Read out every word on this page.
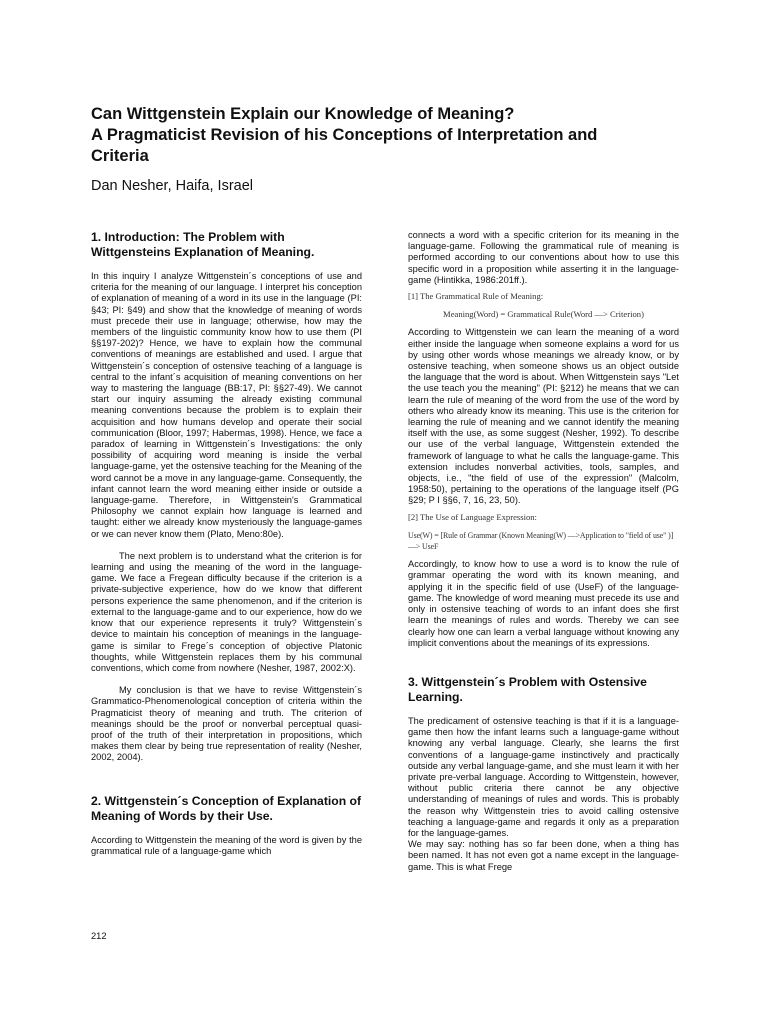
Can Wittgenstein Explain our Knowledge of Meaning?
A Pragmaticist Revision of his Conceptions of Interpretation and
Criteria

Dan Nesher, Haifa, Israel

1. Introduction: The Problem with Wittgensteins Explanation of Meaning.

In this inquiry I analyze Wittgenstein´s conceptions of use and criteria for the meaning of our language. I interpret his conception of explanation of meaning of a word in its use in the language (PI: §43; PI: §49) and show that the knowledge of meaning of words must precede their use in language; otherwise, how may the members of the linguistic community know how to use them (PI §§197-202)? Hence, we have to explain how the communal conventions of meanings are established and used. I argue that Wittgenstein´s conception of ostensive teaching of a language is central to the infant´s acquisition of meaning conventions on her way to mastering the language (BB:17, PI: §§27-49). We cannot start our inquiry assuming the already existing communal meaning conventions because the problem is to explain their acquisition and how humans develop and operate their social communication (Bloor, 1997; Habermas, 1998). Hence, we face a paradox of learning in Wittgenstein´s Investigations: the only possibility of acquiring word meaning is inside the verbal language-game, yet the ostensive teaching for the Meaning of the word cannot be a move in any language-game. Consequently, the infant cannot learn the word meaning either inside or outside a language-game. Therefore, in Wittgenstein's Grammatical Philosophy we cannot explain how language is learned and taught: either we already know mysteriously the language-games or we can never know them (Plato, Meno:80e).

The next problem is to understand what the criterion is for learning and using the meaning of the word in the language-game. We face a Fregean difficulty because if the criterion is a private-subjective experience, how do we know that different persons experience the same phenomenon, and if the criterion is external to the language-game and to our experience, how do we know that our experience represents it truly? Wittgenstein´s device to maintain his conception of meanings in the language-game is similar to Frege´s conception of objective Platonic thoughts, while Wittgenstein replaces them by his communal conventions, which come from nowhere (Nesher, 1987, 2002:X).

My conclusion is that we have to revise Wittgenstein´s Grammatico-Phenomenological conception of criteria within the Pragmaticist theory of meaning and truth. The criterion of meanings should be the proof or nonverbal perceptual quasi-proof of the truth of their interpretation in propositions, which makes them clear by being true representation of reality (Nesher, 2002, 2004).

2. Wittgenstein´s Conception of Explanation of Meaning of Words by their Use.

According to Wittgenstein the meaning of the word is given by the grammatical rule of a language-game which

connects a word with a specific criterion for its meaning in the language-game. Following the grammatical rule of meaning is performed according to our conventions about how to use this specific word in a proposition while asserting it in the language-game (Hintikka, 1986:201ff.).

[1] The Grammatical Rule of Meaning:
Meaning(Word) = Grammatical Rule(Word —> Criterion)

According to Wittgenstein we can learn the meaning of a word either inside the language when someone explains a word for us by using other words whose meanings we already know, or by ostensive teaching, when someone shows us an object outside the language that the word is about. When Wittgenstein says "Let the use teach you the meaning" (PI: §212) he means that we can learn the rule of meaning of the word from the use of the word by others who already know its meaning. This use is the criterion for learning the rule of meaning and we cannot identify the meaning itself with the use, as some suggest (Nesher, 1992). To describe our use of the verbal language, Wittgenstein extended the framework of language to what he calls the language-game. This extension includes nonverbal activities, tools, samples, and objects, i.e., "the field of use of the expression" (Malcolm, 1958:50), pertaining to the operations of the language itself (PG §29; P I §§6, 7, 16, 23, 50).

[2] The Use of Language Expression:
Use(W) = [Rule of Grammar (Known Meaning(W) —>Application to "field of use" )] —> UseF

Accordingly, to know how to use a word is to know the rule of grammar operating the word with its known meaning, and applying it in the specific field of use (UseF) of the language-game. The knowledge of word meaning must precede its use and only in ostensive teaching of words to an infant does she first learn the meanings of rules and words. Thereby we can see clearly how one can learn a verbal language without knowing any implicit conventions about the meanings of its expressions.

3. Wittgenstein´s Problem with Ostensive Learning.

The predicament of ostensive teaching is that if it is a language-game then how the infant learns such a language-game without knowing any verbal language. Clearly, she learns the first conventions of a language-game instinctively and practically outside any verbal language-game, and she must learn it with her private pre-verbal language. According to Wittgenstein, however, without public criteria there cannot be any objective understanding of meanings of rules and words. This is probably the reason why Wittgenstein tries to avoid calling ostensive teaching a language-game and regards it only as a preparation for the language-games.

We may say: nothing has so far been done, when a thing has been named. It has not even got a name except in the language-game. This is what Frege

212
